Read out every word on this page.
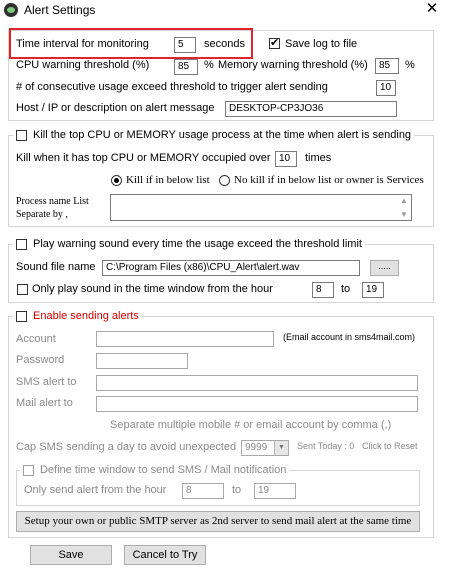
Alert Settings	✕
Time interval for monitoring	5	seconds
✔	Save log to file
CPU warning threshold (%)	85	% Memory warning threshold (%)	85	%
# of consecutive usage exceed threshold to trigger alert sending	10
Host / IP or description on alert message	DESKTOP-CP3JO36
Kill the top CPU or MEMORY usage process at the time when alert is sending
Kill when it has top CPU or MEMORY occupied over 10	times
Kill if in below list No kill if in below list or owner is Services
Process name List
Separate by ,
▲
▼
Play warning sound every time the usage exceed the threshold limit
Sound file name	C:\Program Files (x86)\CPU_Alert\alert.wav	.....
Only play sound in the time window from the hour	8	to	19
Enable sending alerts
Account	(Email account in sms4mail.com)
Password
SMS alert to
Mail alert to
Separate multiple mobile # or email account by comma (,)
Cap SMS sending a day to avoid unexpected 9999	▼	Sent Today : 0 Click to Reset
Define time window to send SMS / Mail notification
Only send alert from the hour	8	to	19
Setup your own or public SMTP server as 2nd server to send mail alert at the same time
Save	Cancel to Try
